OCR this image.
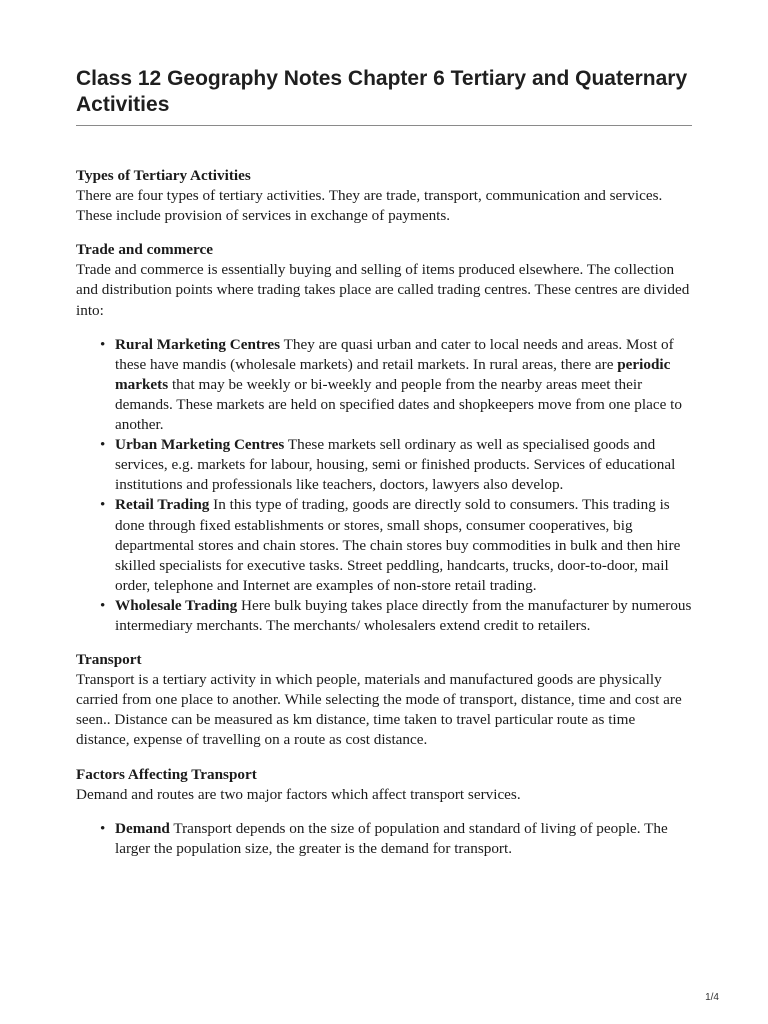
Class 12 Geography Notes Chapter 6 Tertiary and Quaternary Activities
Types of Tertiary Activities

There are four types of tertiary activities. They are trade, transport, communication and services. These include provision of services in exchange of payments.

Trade and commerce

Trade and commerce is essentially buying and selling of items produced elsewhere. The collection and distribution points where trading takes place are called trading centres. These centres are divided into:

• Rural Marketing Centres They are quasi urban and cater to local needs and areas. Most of these have mandis (wholesale markets) and retail markets. In rural areas, there are periodic markets that may be weekly or bi-weekly and people from the nearby areas meet their demands. These markets are held on specified dates and shopkeepers move from one place to another.
• Urban Marketing Centres These markets sell ordinary as well as specialised goods and services, e.g. markets for labour, housing, semi or finished products. Services of educational institutions and professionals like teachers, doctors, lawyers also develop.
• Retail Trading In this type of trading, goods are directly sold to consumers. This trading is done through fixed establishments or stores, small shops, consumer cooperatives, big departmental stores and chain stores. The chain stores buy commodities in bulk and then hire skilled specialists for executive tasks. Street peddling, handcarts, trucks, door-to-door, mail order, telephone and Internet are examples of non-store retail trading.
• Wholesale Trading Here bulk buying takes place directly from the manufacturer by numerous intermediary merchants. The merchants/ wholesalers extend credit to retailers.
Transport

Transport is a tertiary activity in which people, materials and manufactured goods are physically carried from one place to another. While selecting the mode of transport, distance, time and cost are seen.. Distance can be measured as km distance, time taken to travel particular route as time distance, expense of travelling on a route as cost distance.

Factors Affecting Transport

Demand and routes are two major factors which affect transport services.

• Demand Transport depends on the size of population and standard of living of people. The larger the population size, the greater is the demand for transport.
1/4
